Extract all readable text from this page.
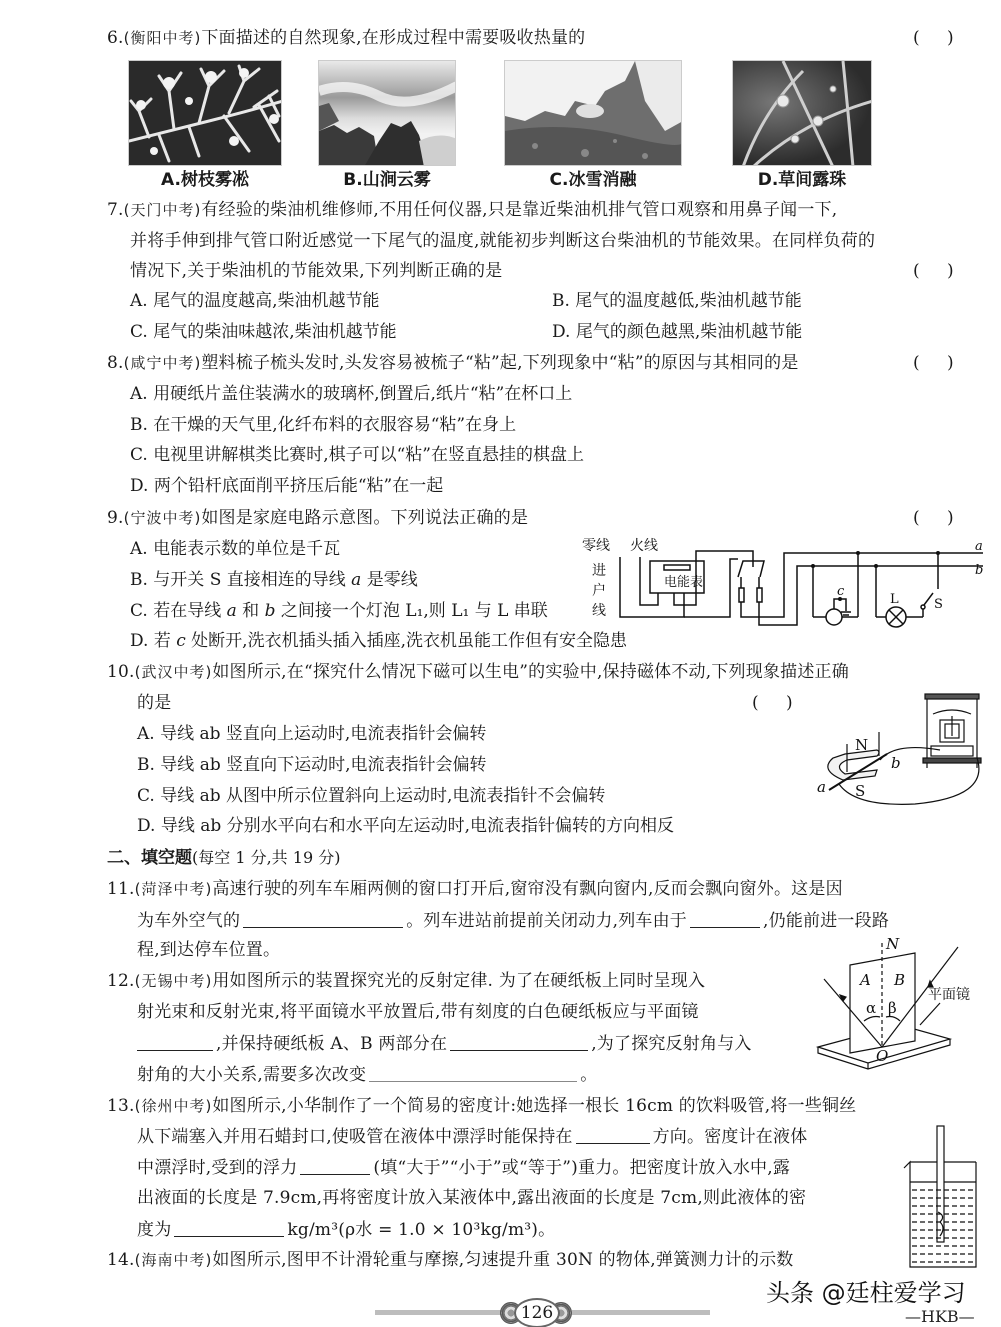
6.(衡阳中考)下面描述的自然现象,在形成过程中需要吸收热量的	( )
A.树枝雾凇	B.山涧云雾	C.冰雪消融	D.草间露珠
7.(天门中考)有经验的柴油机维修师,不用任何仪器,只是靠近柴油机排气管口观察和用鼻子闻一下,
并将手伸到排气管口附近感觉一下尾气的温度,就能初步判断这台柴油机的节能效果。在同样负荷的
情况下,关于柴油机的节能效果,下列判断正确的是	( )
A. 尾气的温度越高,柴油机越节能	B. 尾气的温度越低,柴油机越节能
C. 尾气的柴油味越浓,柴油机越节能	D. 尾气的颜色越黑,柴油机越节能
8.(咸宁中考)塑料梳子梳头发时,头发容易被梳子“粘”起,下列现象中“粘”的原因与其相同的是	( )
A. 用硬纸片盖住装满水的玻璃杯,倒置后,纸片“粘”在杯口上
B. 在干燥的天气里,化纤布料的衣服容易“粘”在身上
C. 电视里讲解棋类比赛时,棋子可以“粘”在竖直悬挂的棋盘上
D. 两个铅杆底面削平挤压后能“粘”在一起
9.(宁波中考)如图是家庭电路示意图。下列说法正确的是	( )
A. 电能表示数的单位是千瓦
B. 与开关 S 直接相连的导线 a 是零线
C. 若在导线 a 和 b 之间接一个灯泡 L₁,则 L₁ 与 L 串联
D. 若 c 处断开,洗衣机插头插入插座,洗衣机虽能工作但有安全隐患
零线 火线
进
户
线
电能表
a
b
c
L	S
10.(武汉中考)如图所示,在“探究什么情况下磁可以生电”的实验中,保持磁体不动,下列现象描述正确
的是	( )
A. 导线 ab 竖直向上运动时,电流表指针会偏转
B. 导线 ab 竖直向下运动时,电流表指针会偏转
C. 导线 ab 从图中所示位置斜向上运动时,电流表指针不会偏转
D. 导线 ab 分别水平向右和水平向左运动时,电流表指针偏转的方向相反
N
S
a
b
二、填空题(每空 1 分,共 19 分)
11.(菏泽中考)高速行驶的列车车厢两侧的窗口打开后,窗帘没有飘向窗内,反而会飘向窗外。这是因
为车外空气的	。列车进站前提前关闭动力,列车由于	,仍能前进一段路
程,到达停车位置。
12.(无锡中考)用如图所示的装置探究光的反射定律. 为了在硬纸板上同时呈现入
射光束和反射光束,将平面镜水平放置后,带有刻度的白色硬纸板应与平面镜
,并保持硬纸板 A、B 两部分在	,为了探究反射角与入
射角的大小关系,需要多次改变	。
N
A B
α β
O
平面镜
13.(徐州中考)如图所示,小华制作了一个简易的密度计:她选择一根长 16cm 的饮料吸管,将一些铜丝
从下端塞入并用石蜡封口,使吸管在液体中漂浮时能保持在	方向。密度计在液体
中漂浮时,受到的浮力	(填“大于”“小于”或“等于”)重力。把密度计放入水中,露
出液面的长度是 7.9cm,再将密度计放入某液体中,露出液面的长度是 7cm,则此液体的密
度为	kg/m³(ρ水 = 1.0 × 10³kg/m³)。
14.(海南中考)如图所示,图甲不计滑轮重与摩擦,匀速提升重 30N 的物体,弹簧测力计的示数
126
头条 @廷柱爱学习
—HKB—
